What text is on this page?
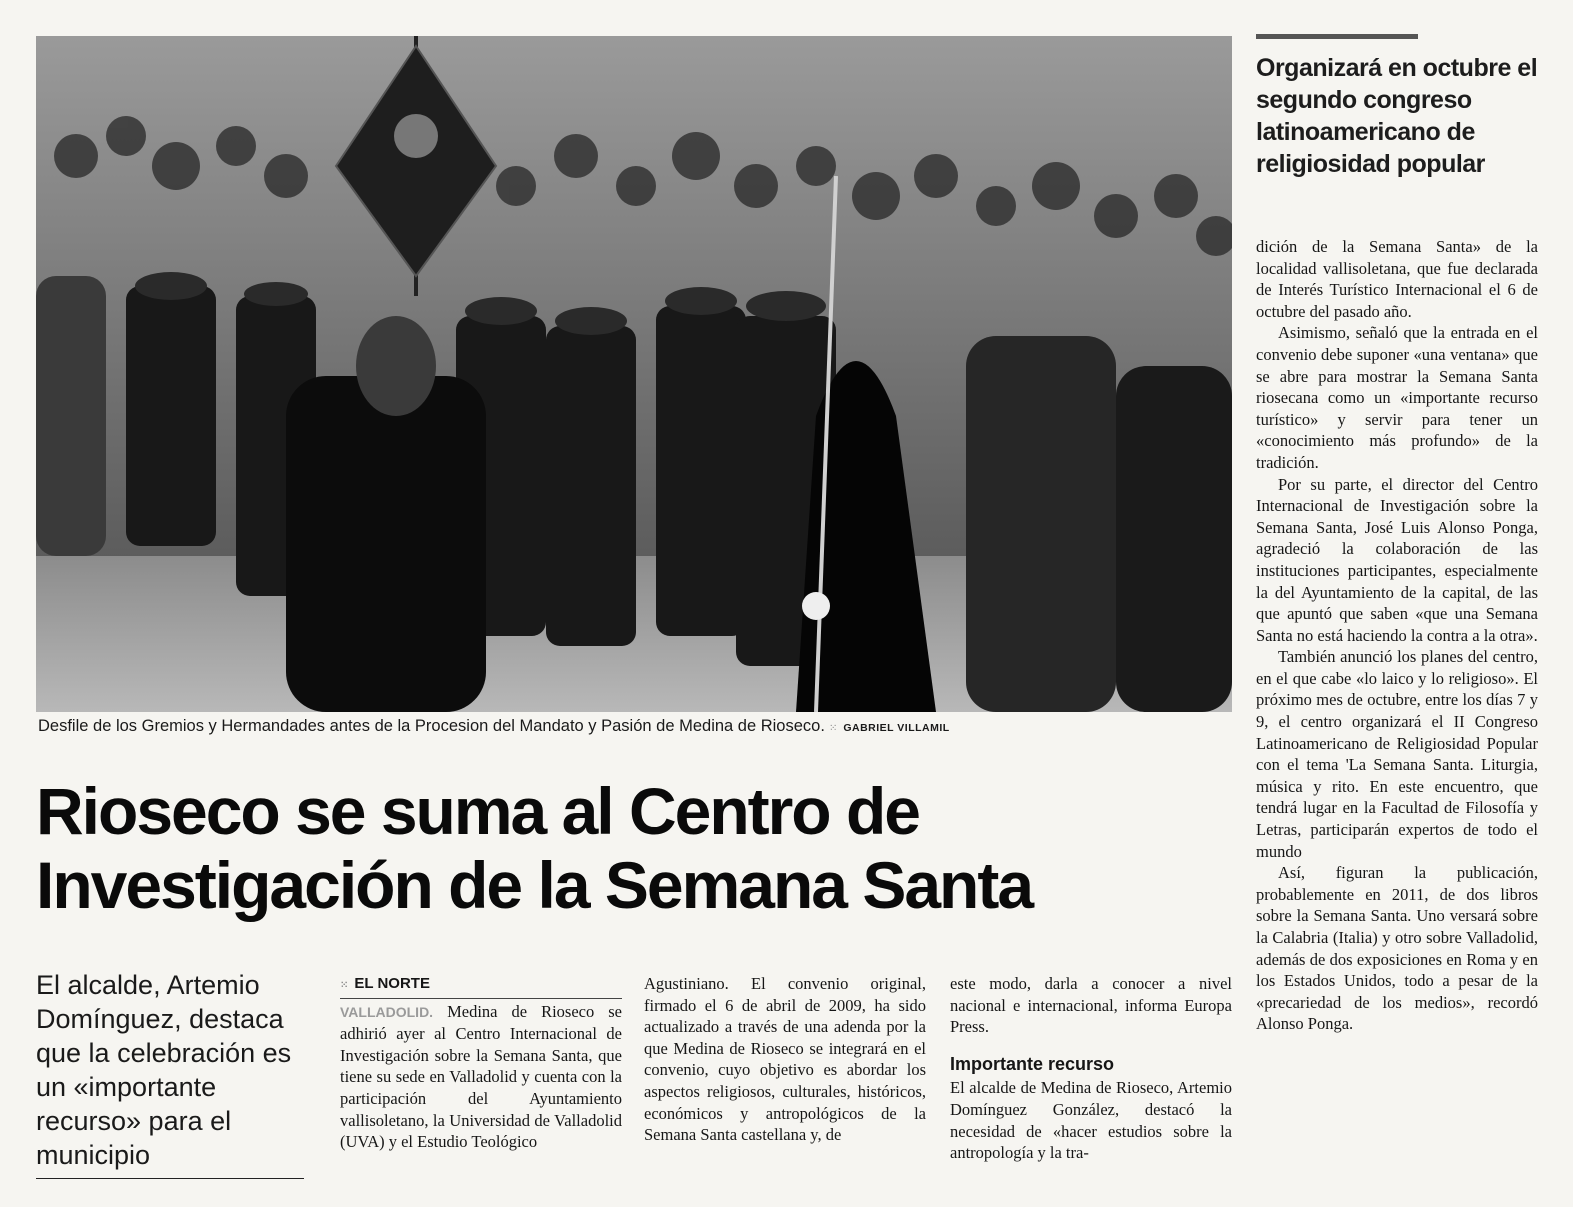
Desfile de los Gremios y Hermandades antes de la Procesion del Mandato y Pasión de Medina de Rioseco. ⁙ GABRIEL VILLAMIL
Rioseco se suma al Centro de
Investigación de la Semana Santa

El alcalde, Artemio Domínguez, destaca que la celebración es un «importante recurso» para el municipio

⁙ EL NORTE

VALLADOLID. Medina de Rioseco se adhirió ayer al Centro Internacional de Investigación sobre la Semana Santa, que tiene su sede en Valladolid y cuenta con la participación del Ayuntamiento vallisoletano, la Universidad de Valladolid (UVA) y el Estudio Teológico

Agustiniano. El convenio original, firmado el 6 de abril de 2009, ha sido actualizado a través de una adenda por la que Medina de Rioseco se integrará en el convenio, cuyo objetivo es abordar los aspectos religiosos, culturales, históricos, económicos y antropológicos de la Semana Santa castellana y, de

este modo, darla a conocer a nivel nacional e internacional, informa Europa Press.

Importante recurso

El alcalde de Medina de Rioseco, Artemio Domínguez González, destacó la necesidad de «hacer estudios sobre la antropología y la tra-

Organizará en octubre el segundo congreso latinoamericano de religiosidad popular

dición de la Semana Santa» de la localidad vallisoletana, que fue declarada de Interés Turístico Internacional el 6 de octubre del pasado año.

Asimismo, señaló que la entrada en el convenio debe suponer «una ventana» que se abre para mostrar la Semana Santa riosecana como un «importante recurso turístico» y servir para tener un «conocimiento más profundo» de la tradición.

Por su parte, el director del Centro Internacional de Investigación sobre la Semana Santa, José Luis Alonso Ponga, agradeció la colaboración de las instituciones participantes, especialmente la del Ayuntamiento de la capital, de las que apuntó que saben «que una Semana Santa no está haciendo la contra a la otra».

También anunció los planes del centro, en el que cabe «lo laico y lo religioso». El próximo mes de octubre, entre los días 7 y 9, el centro organizará el II Congreso Latinoamericano de Religiosidad Popular con el tema 'La Semana Santa. Liturgia, música y rito. En este encuentro, que tendrá lugar en la Facultad de Filosofía y Letras, participarán expertos de todo el mundo

Así, figuran la publicación, probablemente en 2011, de dos libros sobre la Semana Santa. Uno versará sobre la Calabria (Italia) y otro sobre Valladolid, además de dos exposiciones en Roma y en los Estados Unidos, todo a pesar de la «precariedad de los medios», recordó Alonso Ponga.
